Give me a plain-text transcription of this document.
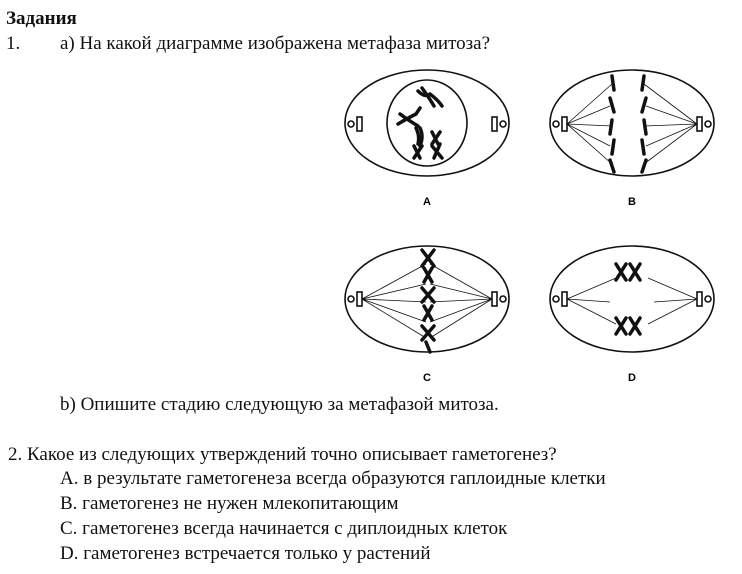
Задания
1. a) На какой диаграмме изображена метафаза митоза?
A	B
C	D
b) Опишите стадию следующую за метафазой митоза.
2. Какое из следующих утверждений точно описывает гаметогенез?
A. в результате гаметогенеза всегда образуются гаплоидные клетки
B. гаметогенез не нужен млекопитающим
C. гаметогенез всегда начинается с диплоидных клеток
D. гаметогенез встречается только у растений
